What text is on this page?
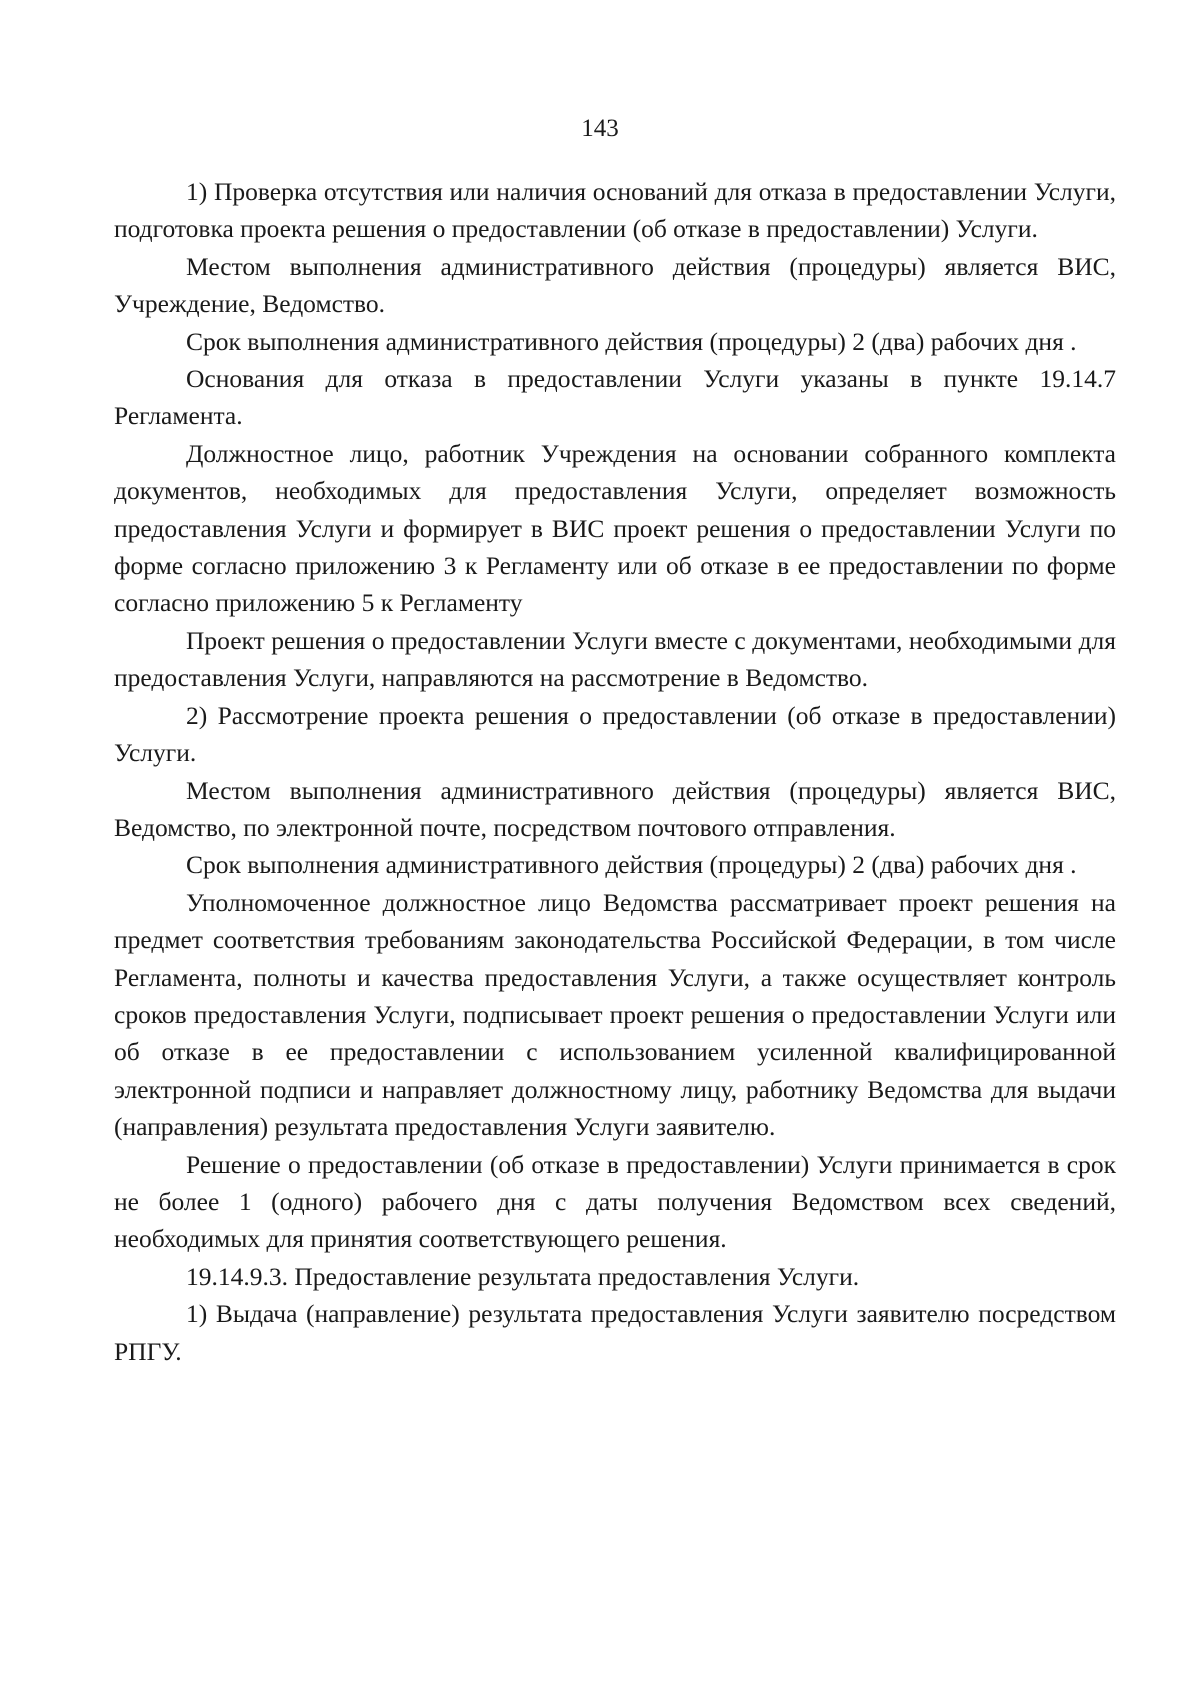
143

1) Проверка отсутствия или наличия оснований для отказа в предоставлении Услуги, подготовка проекта решения о предоставлении (об отказе в предоставлении) Услуги.

Местом выполнения административного действия (процедуры) является ВИС, Учреждение, Ведомство.

Срок выполнения административного действия (процедуры) 2 (два) рабочих дня .

Основания для отказа в предоставлении Услуги указаны в пункте 19.14.7 Регламента.

Должностное лицо, работник Учреждения на основании собранного комплекта документов, необходимых для предоставления Услуги, определяет возможность предоставления Услуги и формирует в ВИС проект решения о предоставлении Услуги по форме согласно приложению 3 к Регламенту или об отказе в ее предоставлении по форме согласно приложению 5 к Регламенту

Проект решения о предоставлении Услуги вместе с документами, необходимыми для предоставления Услуги, направляются на рассмотрение в Ведомство.

2) Рассмотрение проекта решения о предоставлении (об отказе в предоставлении) Услуги.

Местом выполнения административного действия (процедуры) является ВИС, Ведомство, по электронной почте, посредством почтового отправления.

Срок выполнения административного действия (процедуры) 2 (два) рабочих дня .

Уполномоченное должностное лицо Ведомства рассматривает проект решения на предмет соответствия требованиям законодательства Российской Федерации, в том числе Регламента, полноты и качества предоставления Услуги, а также осуществляет контроль сроков предоставления Услуги, подписывает проект решения о предоставлении Услуги или об отказе в ее предоставлении с использованием усиленной квалифицированной электронной подписи и направляет должностному лицу, работнику Ведомства для выдачи (направления) результата предоставления Услуги заявителю.

Решение о предоставлении (об отказе в предоставлении) Услуги принимается в срок не более 1 (одного) рабочего дня с даты получения Ведомством всех сведений, необходимых для принятия соответствующего решения.

19.14.9.3. Предоставление результата предоставления Услуги.

1) Выдача (направление) результата предоставления Услуги заявителю посредством РПГУ.
